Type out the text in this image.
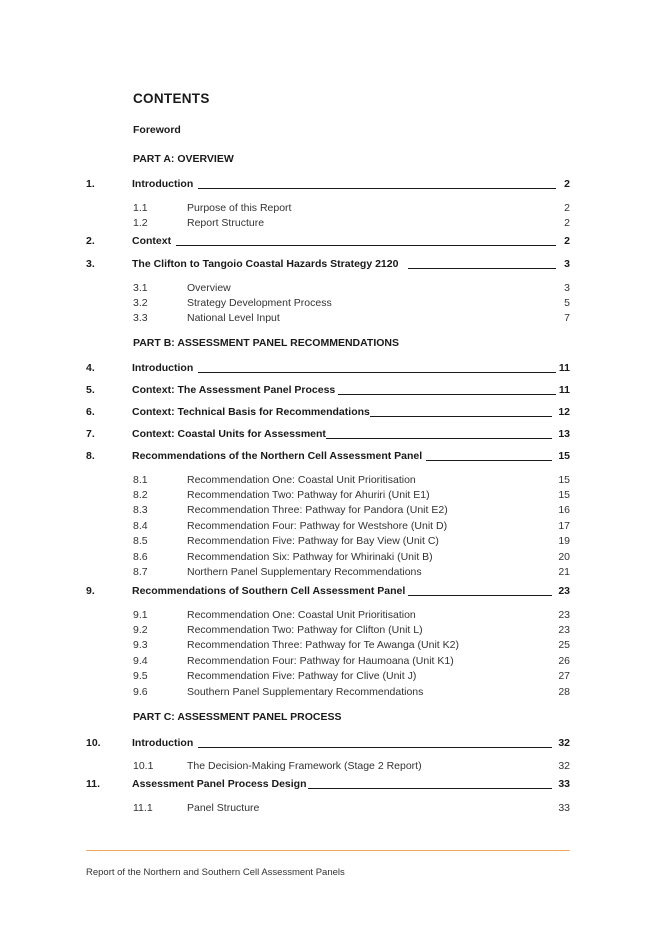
CONTENTS
Foreword
PART A: OVERVIEW
1.	Introduction	2
1.1	Purpose of this Report	2
1.2	Report Structure	2
2.	Context	2
3.	The Clifton to Tangoio Coastal Hazards Strategy 2120	3
3.1	Overview	3
3.2	Strategy Development Process	5
3.3	National Level Input	7
PART B: ASSESSMENT PANEL RECOMMENDATIONS
4.	Introduction	11
5.	Context: The Assessment Panel Process	11
6.	Context: Technical Basis for Recommendations	12
7.	Context: Coastal Units for Assessment	13
8.	Recommendations of the Northern Cell Assessment Panel	15
8.1	Recommendation One: Coastal Unit Prioritisation	15
8.2	Recommendation Two: Pathway for Ahuriri (Unit E1)	15
8.3	Recommendation Three: Pathway for Pandora (Unit E2)	16
8.4	Recommendation Four: Pathway for Westshore (Unit D)	17
8.5	Recommendation Five: Pathway for Bay View (Unit C)	19
8.6	Recommendation Six: Pathway for Whirinaki (Unit B)	20
8.7	Northern Panel Supplementary Recommendations	21
9.	Recommendations of Southern Cell Assessment Panel	23
9.1	Recommendation One: Coastal Unit Prioritisation	23
9.2	Recommendation Two: Pathway for Clifton (Unit L)	23
9.3	Recommendation Three: Pathway for Te Awanga (Unit K2)	25
9.4	Recommendation Four: Pathway for Haumoana (Unit K1)	26
9.5	Recommendation Five: Pathway for Clive (Unit J)	27
9.6	Southern Panel Supplementary Recommendations	28
PART C: ASSESSMENT PANEL PROCESS
10.	Introduction	32
10.1	The Decision-Making Framework (Stage 2 Report)	32
11.	Assessment Panel Process Design	33
11.1	Panel Structure	33
Report of the Northern and Southern Cell Assessment Panels
